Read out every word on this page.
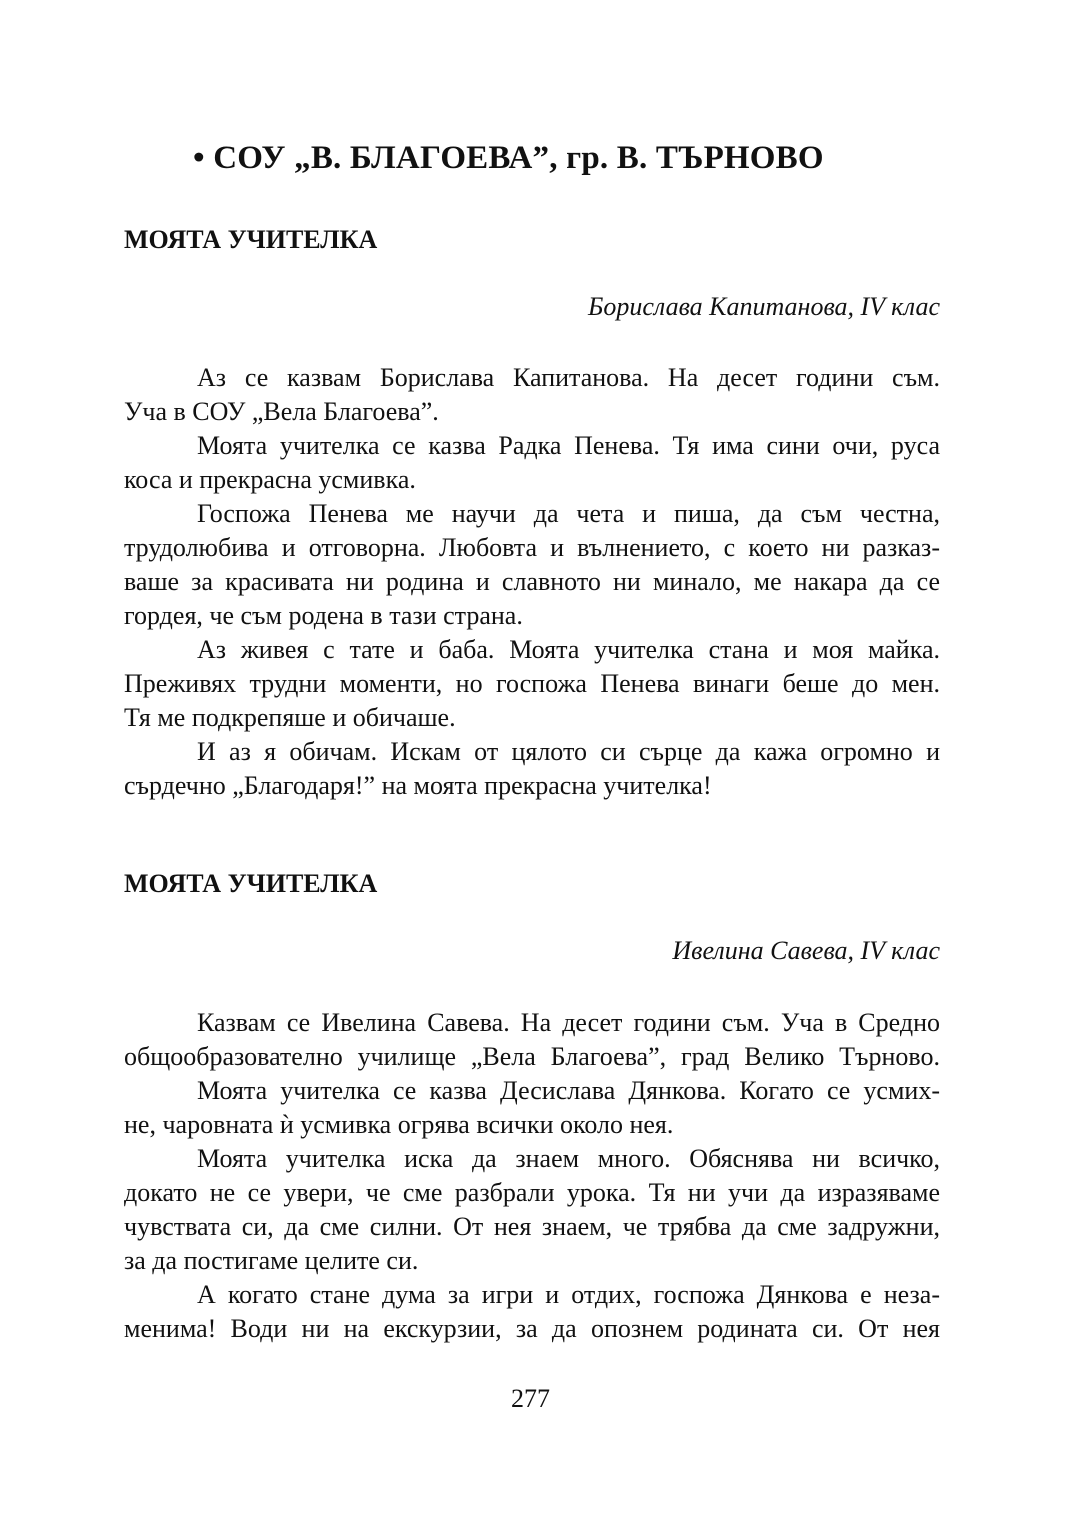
• СОУ „В. БЛАГОЕВА”, гр. В. ТЪРНОВО
МОЯТА УЧИТЕЛКА
Борислава Капитанова, IV клас
Аз се казвам Борислава Капитанова. На десет години съм.
Уча в СОУ „Вела Благоева”.
Моята учителка се казва Радка Пенева. Тя има сини очи, руса
коса и прекрасна усмивка.
Госпожа Пенева ме научи да чета и пиша, да съм честна,
трудолюбива и отговорна. Любовта и вълнението, с което ни разказ-
ваше за красивата ни родина и славното ни минало, ме накара да се
гордея, че съм родена в тази страна.
Аз живея с тате и баба. Моята учителка стана и моя майка.
Преживях трудни моменти, но госпожа Пенева винаги беше до мен.
Тя ме подкрепяше и обичаше.
И аз я обичам. Искам от цялото си сърце да кажа огромно и
сърдечно „Благодаря!” на моята прекрасна учителка!
МОЯТА УЧИТЕЛКА
Ивелина Савева, IV клас
Казвам се Ивелина Савева. На десет години съм. Уча в Средно
общообразователно училище „Вела Благоева”, град Велико Търново.
Моята учителка се казва Десислава Дянкова. Когато се усмих-
не, чаровната ѝ усмивка огрява всички около нея.
Моята учителка иска да знаем много. Обяснява ни всичко,
докато не се увери, че сме разбрали урока. Тя ни учи да изразяваме
чувствата си, да сме силни. От нея знаем, че трябва да сме задружни,
за да постигаме целите си.
А когато стане дума за игри и отдих, госпожа Дянкова е неза-
менима! Води ни на екскурзии, за да опознем родината си. От нея
277
